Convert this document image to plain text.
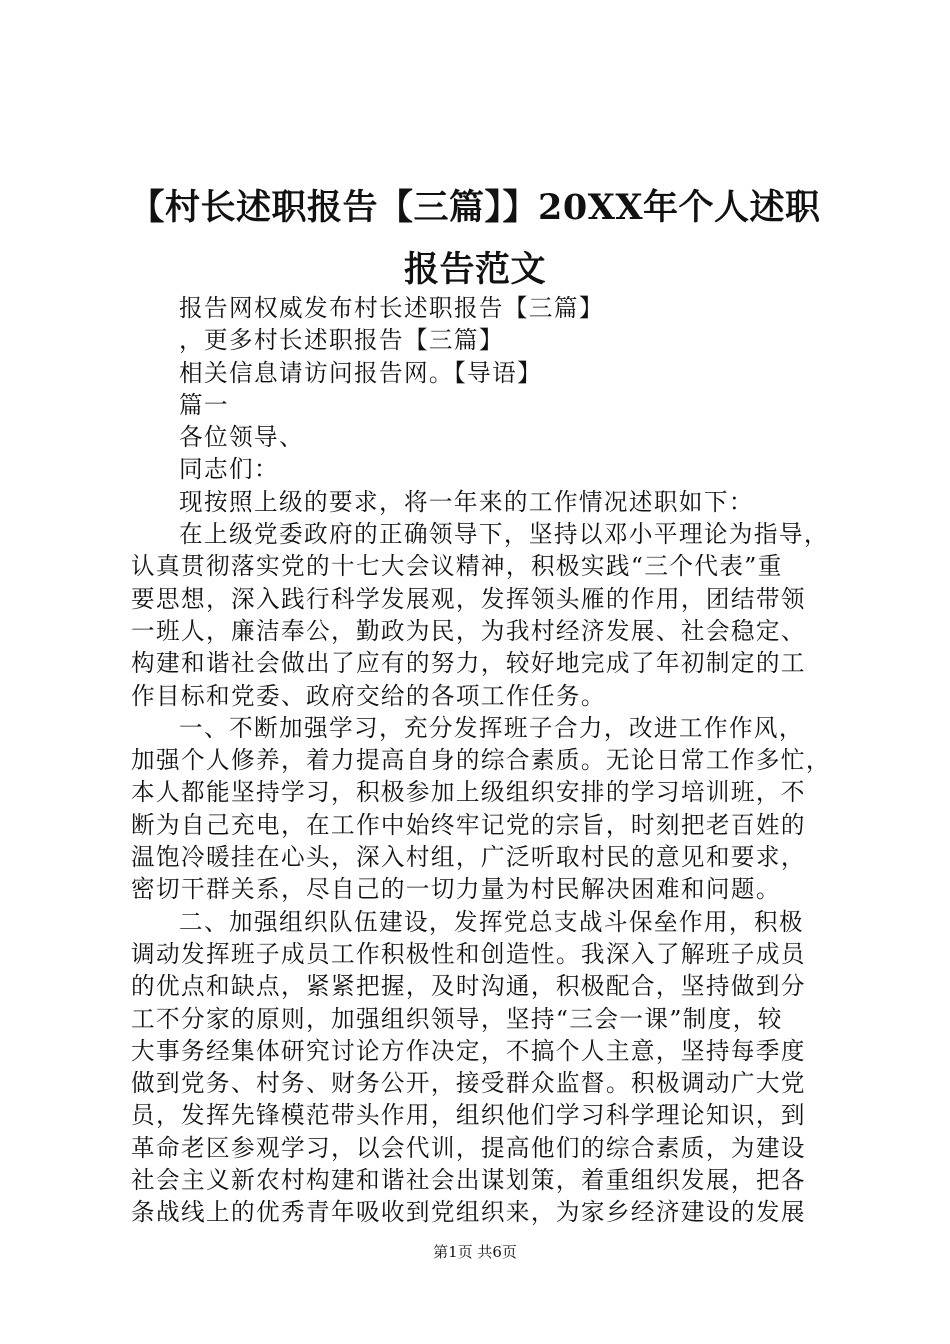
【村长述职报告【三篇】】20XX年个人述职
报告范文
报告网权威发布村长述职报告【三篇】
，更多村长述职报告【三篇】
相关信息请访问报告网。【导语】
篇一
各位领导、
同志们：
现按照上级的要求，将一年来的工作情况述职如下：
在上级党委政府的正确领导下，坚持以邓小平理论为指导，
认真贯彻落实党的十七大会议精神，积极实践“三个代表”重
要思想，深入践行科学发展观，发挥领头雁的作用，团结带领
一班人，廉洁奉公，勤政为民，为我村经济发展、社会稳定、
构建和谐社会做出了应有的努力，较好地完成了年初制定的工
作目标和党委、政府交给的各项工作任务。
一、不断加强学习，充分发挥班子合力，改进工作作风，
加强个人修养，着力提高自身的综合素质。无论日常工作多忙，
本人都能坚持学习，积极参加上级组织安排的学习培训班，不
断为自己充电，在工作中始终牢记党的宗旨，时刻把老百姓的
温饱冷暖挂在心头，深入村组，广泛听取村民的意见和要求，
密切干群关系，尽自己的一切力量为村民解决困难和问题。
二、加强组织队伍建设，发挥党总支战斗保垒作用，积极
调动发挥班子成员工作积极性和创造性。我深入了解班子成员
的优点和缺点，紧紧把握，及时沟通，积极配合，坚持做到分
工不分家的原则，加强组织领导，坚持“三会一课”制度，较
大事务经集体研究讨论方作决定，不搞个人主意，坚持每季度
做到党务、村务、财务公开，接受群众监督。积极调动广大党
员，发挥先锋模范带头作用，组织他们学习科学理论知识，到
革命老区参观学习，以会代训，提高他们的综合素质，为建设
社会主义新农村构建和谐社会出谋划策，着重组织发展，把各
条战线上的优秀青年吸收到党组织来，为家乡经济建设的发展
第1页 共6页
